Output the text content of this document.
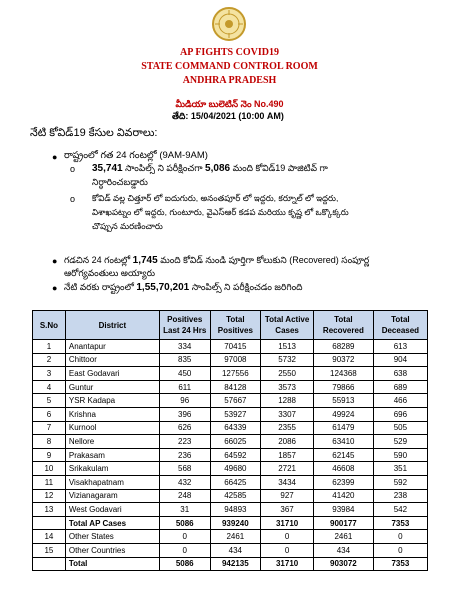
AP FIGHTS COVID19
STATE COMMAND CONTROL ROOM
ANDHRA PRADESH
మీడియా బులెటిన్ నెం No.490
తేది: 15/04/2021 (10:00 AM)
నేటి కోవిడ్19 కేసుల వివరాలు:
● రాష్ట్రంలో గత 24 గంటల్లో (9AM-9AM)
o 35,741 సాంపిల్స్ ని పరీక్షించగా 5,086 మంది కోవిడ్19 పాజిటివ్ గా
నిర్ధారించబడ్డారు
o కోవిడ్ వల్ల చిత్తూర్ లో ఐదుగురు, అనంతపూర్ లో ఇద్దరు, కర్నూల్ లో ఇద్దరు,
విశాఖపట్నం లో ఇద్దరు, గుంటూరు, వైఎస్ఆర్ కడప మరియు కృష్ణ లో ఒక్కొక్కరు
చొప్పున మరణించారు
● గడచిన 24 గంటల్లో 1,745 మంది కోవిడ్ నుండి పూర్తిగా కోలుకుని (Recovered) సంపూర్ణ
ఆరోగ్యవంతులు అయ్యారు
● నేటి వరకు రాష్ట్రంలో 1,55,70,201 సాంపిల్స్ ని పరీక్షించడం జరిగింది
S.No	District	Positives Last 24 Hrs	Total Positives	Total Active Cases	Total Recovered	Total Deceased
1	Anantapur	334	70415	1513	68289	613
2	Chittoor	835	97008	5732	90372	904
3	East Godavari	450	127556	2550	124368	638
4	Guntur	611	84128	3573	79866	689
5	YSR Kadapa	96	57667	1288	55913	466
6	Krishna	396	53927	3307	49924	696
7	Kurnool	626	64339	2355	61479	505
8	Nellore	223	66025	2086	63410	529
9	Prakasam	236	64592	1857	62145	590
10	Srikakulam	568	49680	2721	46608	351
11	Visakhapatnam	432	66425	3434	62399	592
12	Vizianagaram	248	42585	927	41420	238
13	West Godavari	31	94893	367	93984	542
	Total AP Cases	5086	939240	31710	900177	7353
14	Other States	0	2461	0	2461	0
15	Other Countries	0	434	0	434	0
	Total	5086	942135	31710	903072	7353
